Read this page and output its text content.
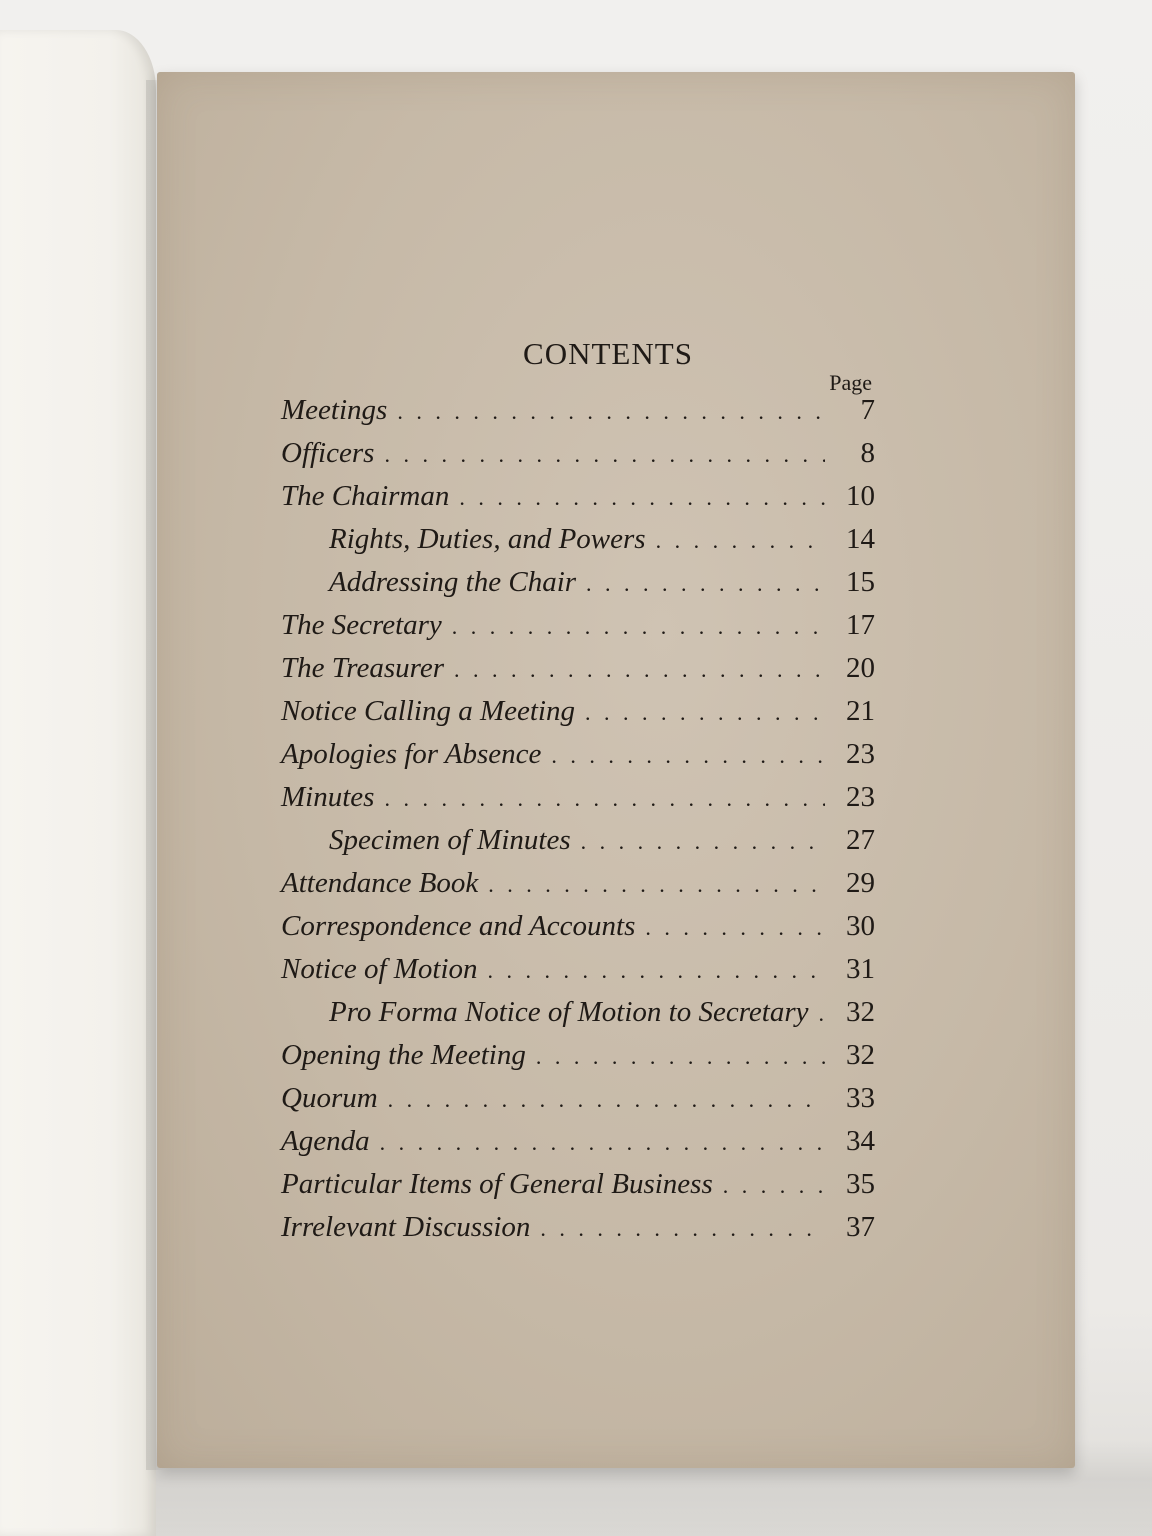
CONTENTS
Page
Meetings . . .	7
Officers . . .	8
The Chairman . . .	10
Rights, Duties, and Powers . . .	14
Addressing the Chair . . .	15
The Secretary . . .	17
The Treasurer . . .	20
Notice Calling a Meeting . . .	21
Apologies for Absence . . .	23
Minutes . . .	23
Specimen of Minutes . . .	27
Attendance Book . . .	29
Correspondence and Accounts . . .	30
Notice of Motion . . .	31
Pro Forma Notice of Motion to Secretary . . . 32
Opening the Meeting . . .	32
Quorum . . .	33
Agenda . . .	34
Particular Items of General Business . . .	35
Irrelevant Discussion . . .	37
